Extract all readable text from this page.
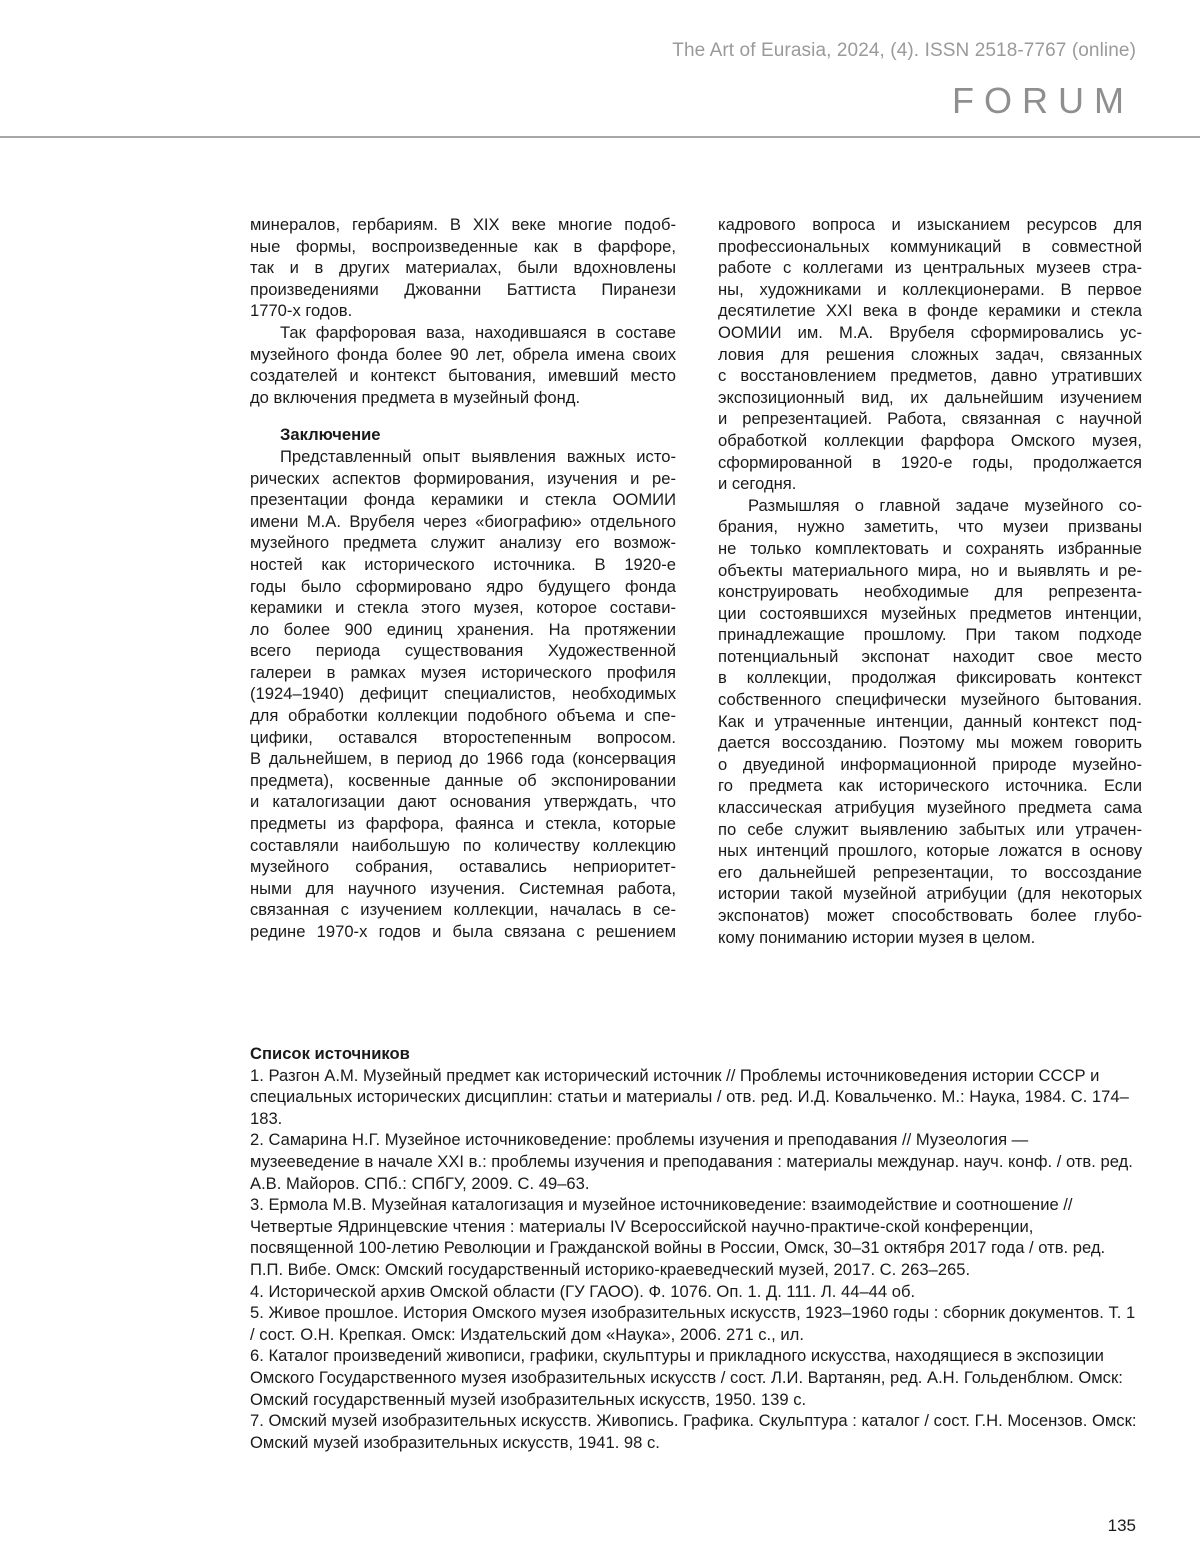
The Art of Eurasia, 2024, (4). ISSN 2518-7767 (online)
FORUM
минералов, гербариям. В XIX веке многие подоб-
ные формы, воспроизведенные как в фарфоре,
так и в других материалах, были вдохновлены
произведениями Джованни Баттиста Пиранези
1770-х годов.
Так фарфоровая ваза, находившаяся в составе
музейного фонда более 90 лет, обрела имена своих
создателей и контекст бытования, имевший место
до включения предмета в музейный фонд.
Заключение
Представленный опыт выявления важных исто-
рических аспектов формирования, изучения и ре-
презентации фонда керамики и стекла ООМИИ
имени М.А. Врубеля через «биографию» отдельного
музейного предмета служит анализу его возмож-
ностей как исторического источника. В 1920-е
годы было сформировано ядро будущего фонда
керамики и стекла этого музея, которое состави-
ло более 900 единиц хранения. На протяжении
всего периода существования Художественной
галереи в рамках музея исторического профиля
(1924–1940) дефицит специалистов, необходимых
для обработки коллекции подобного объема и спе-
цифики, оставался второстепенным вопросом.
В дальнейшем, в период до 1966 года (консервация
предмета), косвенные данные об экспонировании
и каталогизации дают основания утверждать, что
предметы из фарфора, фаянса и стекла, которые
составляли наибольшую по количеству коллекцию
музейного собрания, оставались неприоритет-
ными для научного изучения. Системная работа,
связанная с изучением коллекции, началась в се-
редине 1970-х годов и была связана с решением
кадрового вопроса и изысканием ресурсов для
профессиональных коммуникаций в совместной
работе с коллегами из центральных музеев стра-
ны, художниками и коллекционерами. В первое
десятилетие XXI века в фонде керамики и стекла
ООМИИ им. М.А. Врубеля сформировались ус-
ловия для решения сложных задач, связанных
с восстановлением предметов, давно утративших
экспозиционный вид, их дальнейшим изучением
и репрезентацией. Работа, связанная с научной
обработкой коллекции фарфора Омского музея,
сформированной в 1920-е годы, продолжается
и сегодня.
Размышляя о главной задаче музейного со-
брания, нужно заметить, что музеи призваны
не только комплектовать и сохранять избранные
объекты материального мира, но и выявлять и ре-
конструировать необходимые для репрезента-
ции состоявшихся музейных предметов интенции,
принадлежащие прошлому. При таком подходе
потенциальный экспонат находит свое место
в коллекции, продолжая фиксировать контекст
собственного специфически музейного бытования.
Как и утраченные интенции, данный контекст под-
дается воссозданию. Поэтому мы можем говорить
о двуединой информационной природе музейно-
го предмета как исторического источника. Если
классическая атрибуция музейного предмета сама
по себе служит выявлению забытых или утрачен-
ных интенций прошлого, которые ложатся в основу
его дальнейшей репрезентации, то воссоздание
истории такой музейной атрибуции (для некоторых
экспонатов) может способствовать более глубо-
кому пониманию истории музея в целом.
Список источников
1. Разгон А.М. Музейный предмет как исторический источник // Проблемы источниковедения истории СССР и специальных исторических дисциплин: статьи и материалы / отв. ред. И.Д. Ковальченко. М.: Наука, 1984. С. 174–183.
2. Самарина Н.Г. Музейное источниковедение: проблемы изучения и преподавания // Музеология — музееведение в начале XXI в.: проблемы изучения и преподавания : материалы междунар. науч. конф. / отв. ред. А.В. Майоров. СПб.: СПбГУ, 2009. С. 49–63.
3. Ермола М.В. Музейная каталогизация и музейное источниковедение: взаимодействие и соотношение // Четвертые Ядринцевские чтения : материалы IV Всероссийской научно-практиче-ской конференции, посвященной 100-летию Революции и Гражданской войны в России, Омск, 30–31 октября 2017 года / отв. ред. П.П. Вибе. Омск: Омский государственный историко-краеведческий музей, 2017. С. 263–265.
4. Исторической архив Омской области (ГУ ГАОО). Ф. 1076. Оп. 1. Д. 111. Л. 44–44 об.
5. Живое прошлое. История Омского музея изобразительных искусств, 1923–1960 годы : сборник документов. Т. 1 / сост. О.Н. Крепкая. Омск: Издательский дом «Наука», 2006. 271 с., ил.
6. Каталог произведений живописи, графики, скульптуры и прикладного искусства, находящиеся в экспозиции Омского Государственного музея изобразительных искусств / сост. Л.И. Вартанян, ред. А.Н. Гольденблюм. Омск: Омский государственный музей изобразительных искусств, 1950. 139 с.
7. Омский музей изобразительных искусств. Живопись. Графика. Скульптура : каталог / сост. Г.Н. Мосензов. Омск: Омский музей изобразительных искусств, 1941. 98 с.
135
